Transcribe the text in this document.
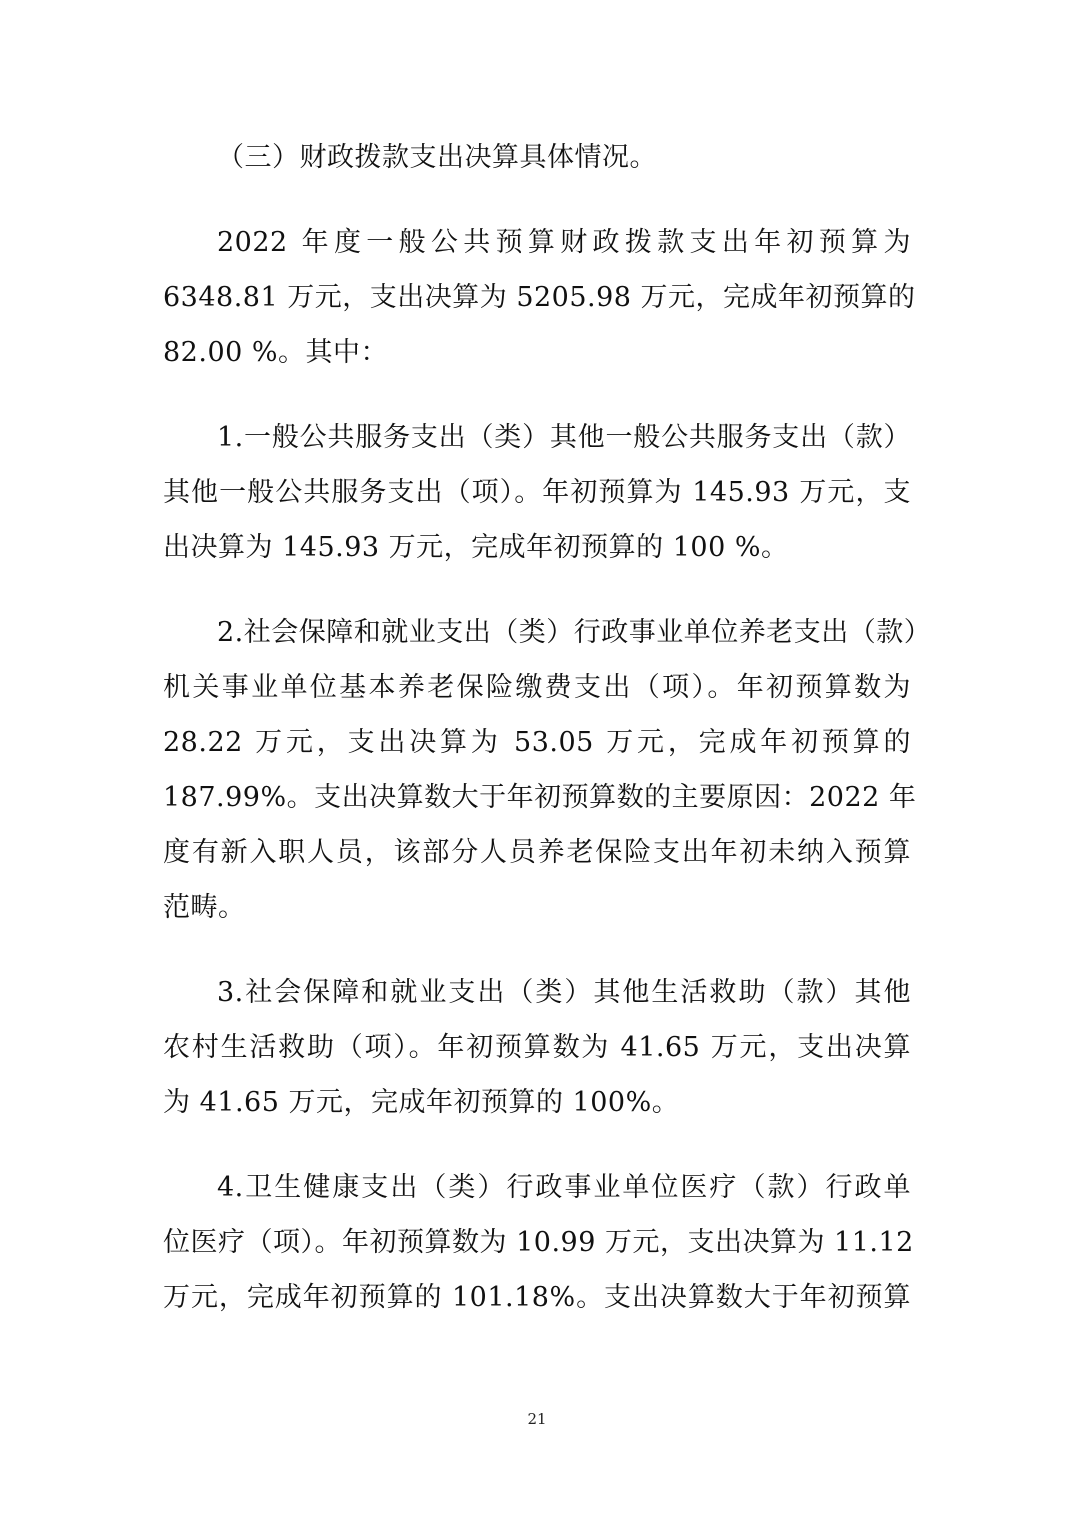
（三）财政拨款支出决算具体情况。

2022 年度一般公共预算财政拨款支出年初预算为
6348.81 万元，支出决算为 5205.98 万元，完成年初预算的
82.00 %。其中：

1.一般公共服务支出（类）其他一般公共服务支出（款）
其他一般公共服务支出（项）。年初预算为 145.93 万元，支
出决算为 145.93 万元，完成年初预算的 100 %。

2.社会保障和就业支出（类）行政事业单位养老支出（款）
机关事业单位基本养老保险缴费支出（项）。年初预算数为
28.22 万元，支出决算为 53.05 万元，完成年初预算的
187.99%。支出决算数大于年初预算数的主要原因：2022 年
度有新入职人员，该部分人员养老保险支出年初未纳入预算
范畴。

3.社会保障和就业支出（类）其他生活救助（款）其他
农村生活救助（项）。年初预算数为 41.65 万元，支出决算
为 41.65 万元，完成年初预算的 100%。

4.卫生健康支出（类）行政事业单位医疗（款）行政单
位医疗（项）。年初预算数为 10.99 万元，支出决算为 11.12
万元，完成年初预算的 101.18%。支出决算数大于年初预算

21
